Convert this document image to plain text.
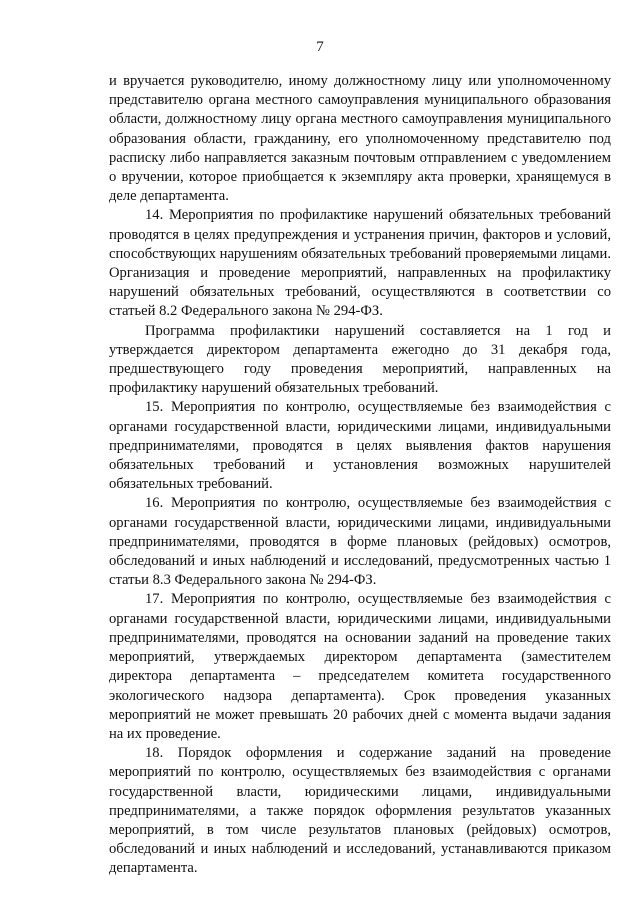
7

и вручается руководителю, иному должностному лицу или уполномоченному представителю органа местного самоуправления муниципального образования области, должностному лицу органа местного самоуправления муниципального образования области, гражданину, его уполномоченному представителю под расписку либо направляется заказным почтовым отправлением с уведомлением о вручении, которое приобщается к экземпляру акта проверки, хранящемуся в деле департамента.

14. Мероприятия по профилактике нарушений обязательных требований проводятся в целях предупреждения и устранения причин, факторов и условий, способствующих нарушениям обязательных требований проверяемыми лицами. Организация и проведение мероприятий, направленных на профилактику нарушений обязательных требований, осуществляются в соответствии со статьей 8.2 Федерального закона № 294-ФЗ.

Программа профилактики нарушений составляется на 1 год и утверждается директором департамента ежегодно до 31 декабря года, предшествующего году проведения мероприятий, направленных на профилактику нарушений обязательных требований.

15. Мероприятия по контролю, осуществляемые без взаимодействия с органами государственной власти, юридическими лицами, индивидуальными предпринимателями, проводятся в целях выявления фактов нарушения обязательных требований и установления возможных нарушителей обязательных требований.

16. Мероприятия по контролю, осуществляемые без взаимодействия с органами государственной власти, юридическими лицами, индивидуальными предпринимателями, проводятся в форме плановых (рейдовых) осмотров, обследований и иных наблюдений и исследований, предусмотренных частью 1 статьи 8.3 Федерального закона № 294-ФЗ.

17. Мероприятия по контролю, осуществляемые без взаимодействия с органами государственной власти, юридическими лицами, индивидуальными предпринимателями, проводятся на основании заданий на проведение таких мероприятий, утверждаемых директором департамента (заместителем директора департамента – председателем комитета государственного экологического надзора департамента). Срок проведения указанных мероприятий не может превышать 20 рабочих дней с момента выдачи задания на их проведение.

18. Порядок оформления и содержание заданий на проведение мероприятий по контролю, осуществляемых без взаимодействия с органами государственной власти, юридическими лицами, индивидуальными предпринимателями, а также порядок оформления результатов указанных мероприятий, в том числе результатов плановых (рейдовых) осмотров, обследований и иных наблюдений и исследований, устанавливаются приказом департамента.
